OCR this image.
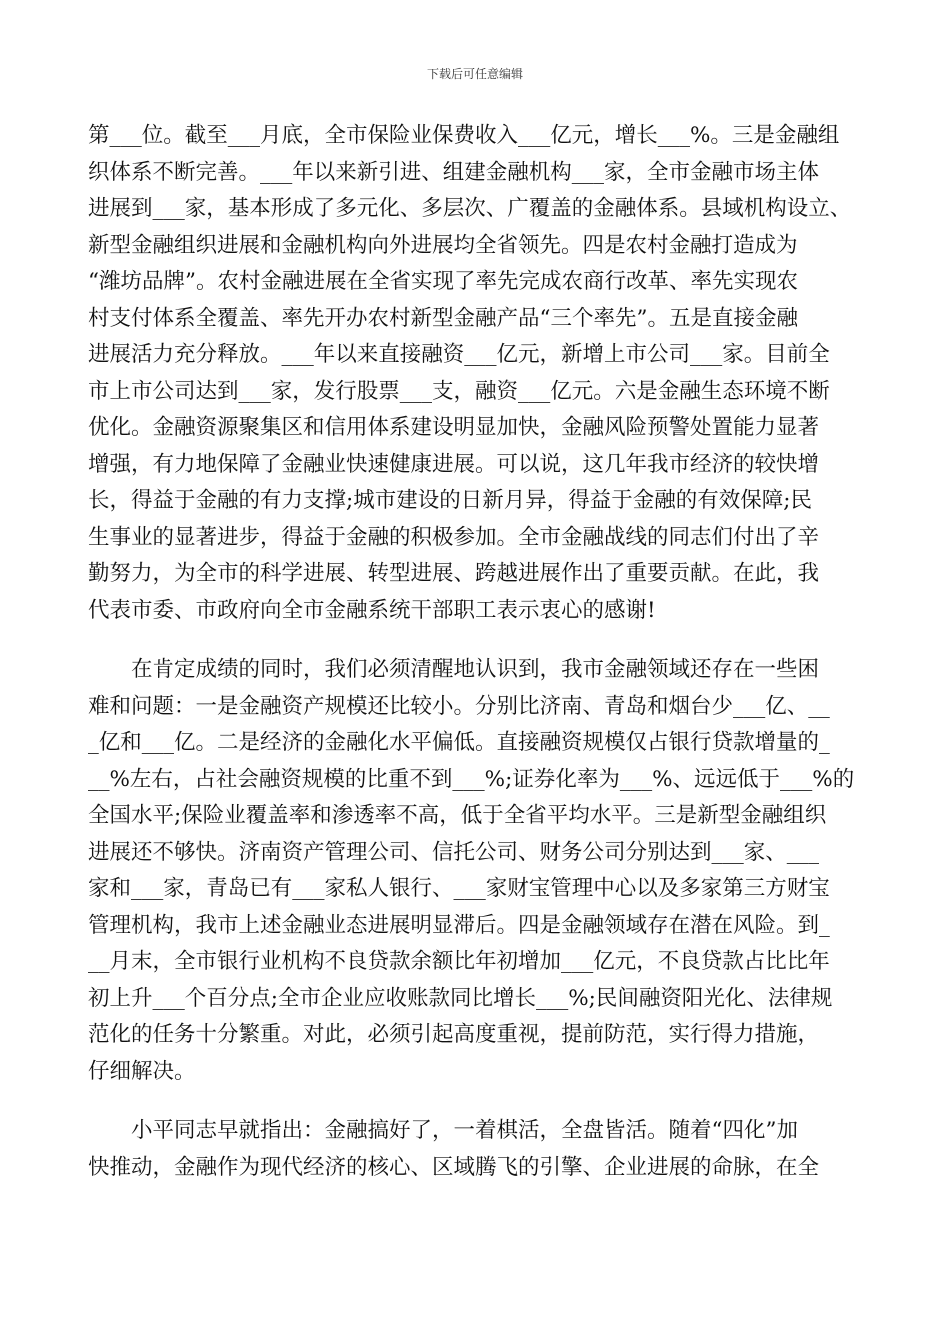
下载后可任意编辑
第___位。截至___月底，全市保险业保费收入___亿元，增长___%。三是金融组
织体系不断完善。___年以来新引进、组建金融机构___家，全市金融市场主体
进展到___家，基本形成了多元化、多层次、广覆盖的金融体系。县域机构设立、
新型金融组织进展和金融机构向外进展均全省领先。四是农村金融打造成为
“潍坊品牌”。农村金融进展在全省实现了率先完成农商行改革、率先实现农
村支付体系全覆盖、率先开办农村新型金融产品“三个率先”。五是直接金融
进展活力充分释放。___年以来直接融资___亿元，新增上市公司___家。目前全
市上市公司达到___家，发行股票___支，融资___亿元。六是金融生态环境不断
优化。金融资源聚集区和信用体系建设明显加快，金融风险预警处置能力显著
增强，有力地保障了金融业快速健康进展。可以说，这几年我市经济的较快增
长，得益于金融的有力支撑;城市建设的日新月异，得益于金融的有效保障;民
生事业的显著进步，得益于金融的积极参加。全市金融战线的同志们付出了辛
勤努力，为全市的科学进展、转型进展、跨越进展作出了重要贡献。在此，我
代表市委、市政府向全市金融系统干部职工表示衷心的感谢!
　　在肯定成绩的同时，我们必须清醒地认识到，我市金融领域还存在一些困
难和问题：一是金融资产规模还比较小。分别比济南、青岛和烟台少___亿、__
_亿和___亿。二是经济的金融化水平偏低。直接融资规模仅占银行贷款增量的_
__%左右，占社会融资规模的比重不到___%;证券化率为___%、远远低于___%的
全国水平;保险业覆盖率和渗透率不高，低于全省平均水平。三是新型金融组织
进展还不够快。济南资产管理公司、信托公司、财务公司分别达到___家、___
家和___家，青岛已有___家私人银行、___家财宝管理中心以及多家第三方财宝
管理机构，我市上述金融业态进展明显滞后。四是金融领域存在潜在风险。到_
__月末，全市银行业机构不良贷款余额比年初增加___亿元，不良贷款占比比年
初上升___个百分点;全市企业应收账款同比增长___%;民间融资阳光化、法律规
范化的任务十分繁重。对此，必须引起高度重视，提前防范，实行得力措施，
仔细解决。
　　小平同志早就指出：金融搞好了，一着棋活，全盘皆活。随着“四化”加
快推动，金融作为现代经济的核心、区域腾飞的引擎、企业进展的命脉，在全
